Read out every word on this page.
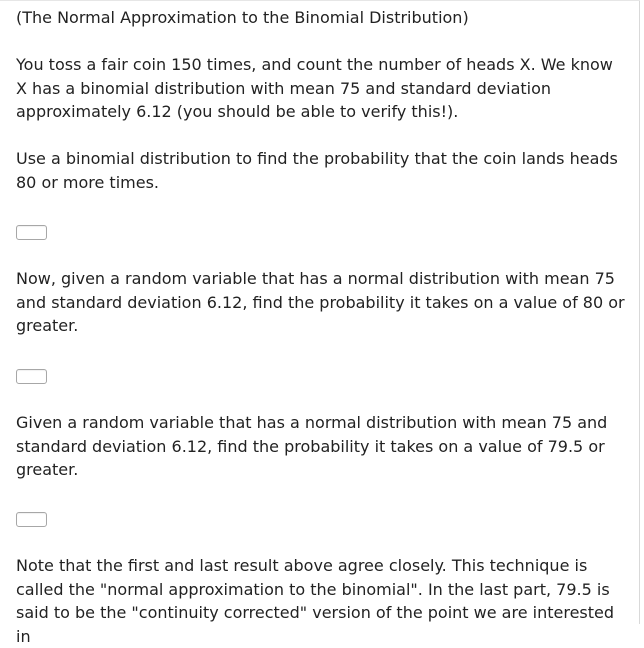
(The Normal Approximation to the Binomial Distribution)

You toss a fair coin 150 times, and count the number of heads X. We know X has a binomial distribution with mean 75 and standard deviation approximately 6.12 (you should be able to verify this!).

Use a binomial distribution to find the probability that the coin lands heads 80 or more times.

Now, given a random variable that has a normal distribution with mean 75 and standard deviation 6.12, find the probability it takes on a value of 80 or greater.

Given a random variable that has a normal distribution with mean 75 and standard deviation 6.12, find the probability it takes on a value of 79.5 or greater.

Note that the first and last result above agree closely. This technique is called the "normal approximation to the binomial". In the last part, 79.5 is said to be the "continuity corrected" version of the point we are interested in
